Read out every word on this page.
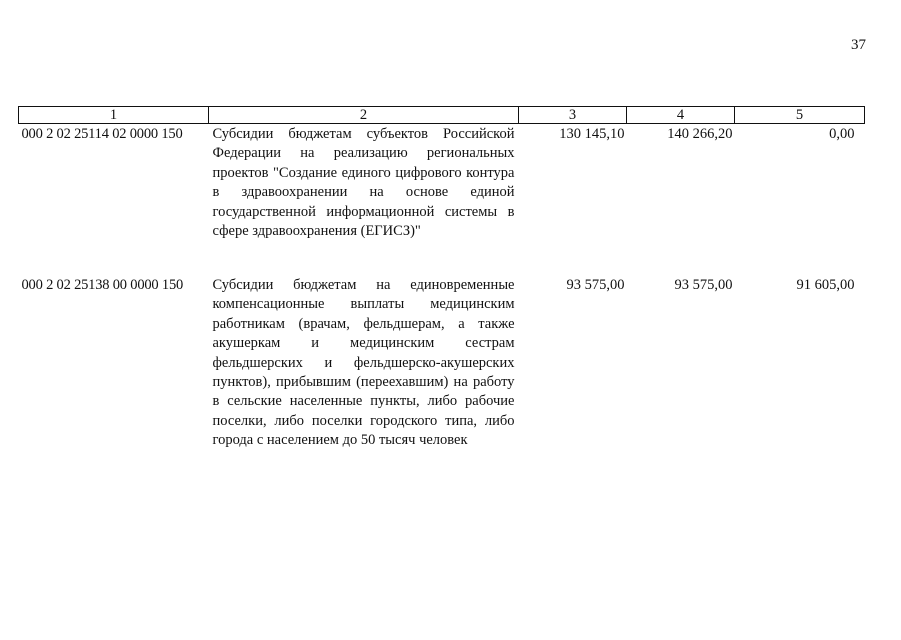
37
1	2	3	4	5
000 2 02 25114 02 0000 150	Субсидии бюджетам субъектов Российской Федерации на реализацию региональных проектов "Создание единого цифрового контура в здравоохранении на основе единой государственной информационной системы в сфере здравоохранения (ЕГИСЗ)"	130 145,10	140 266,20	0,00
000 2 02 25138 00 0000 150	Субсидии бюджетам на единовременные компенсационные выплаты медицинским работникам (врачам, фельдшерам, а также акушеркам и медицинским сестрам фельдшерских и фельдшерско-акушерских пунктов), прибывшим (переехавшим) на работу в сельские населенные пункты, либо рабочие поселки, либо поселки городского типа, либо города с населением до 50 тысяч человек	93 575,00	93 575,00	91 605,00
